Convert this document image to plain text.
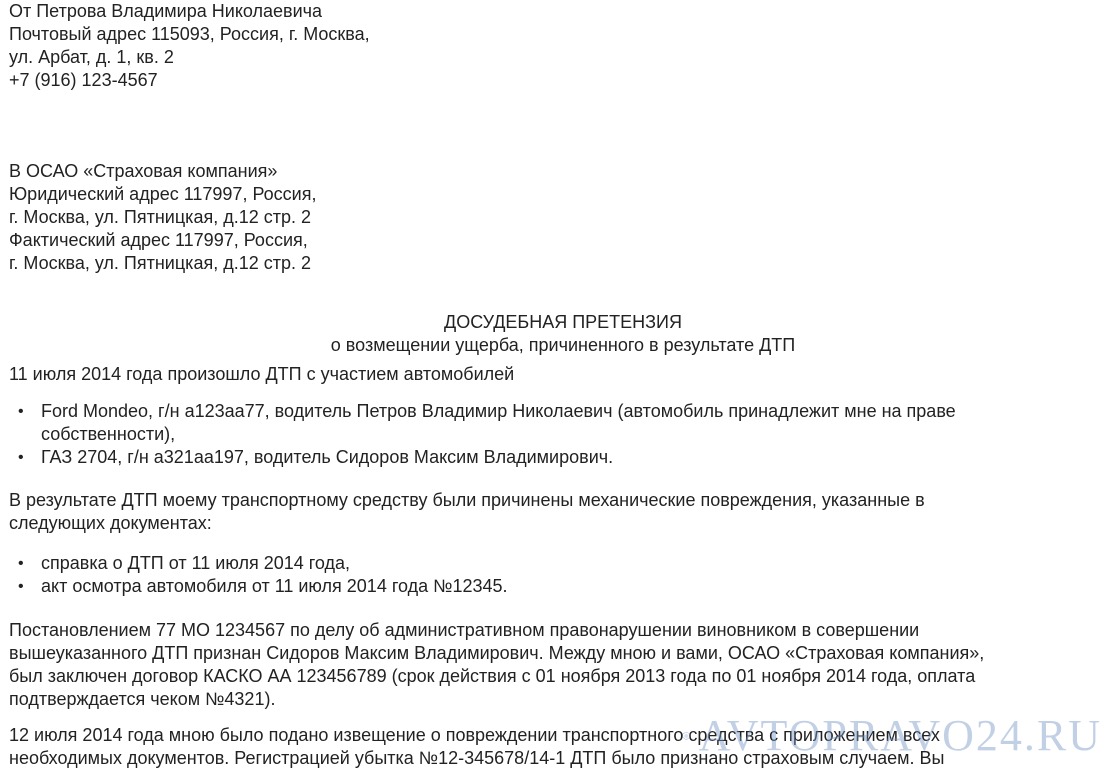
От Петрова Владимира Николаевича
Почтовый адрес 115093, Россия, г. Москва,
ул. Арбат, д. 1, кв. 2
+7 (916) 123-4567
В ОСАО «Страховая компания»
Юридический адрес 117997, Россия,
г. Москва, ул. Пятницкая, д.12 стр. 2
Фактический адрес 117997, Россия,
г. Москва, ул. Пятницкая, д.12 стр. 2
ДОСУДЕБНАЯ ПРЕТЕНЗИЯ
о возмещении ущерба, причиненного в результате ДТП

11 июля 2014 года произошло ДТП с участием автомобилей

• Ford Mondeo, г/н а123аа77, водитель Петров Владимир Николаевич (автомобиль принадлежит мне на праве собственности),
• ГАЗ 2704, г/н а321аа197, водитель Сидоров Максим Владимирович.

В результате ДТП моему транспортному средству были причинены механические повреждения, указанные в
следующих документах:

• справка о ДТП от 11 июля 2014 года,
• акт осмотра автомобиля от 11 июля 2014 года №12345.

Постановлением 77 МО 1234567 по делу об административном правонарушении виновником в совершении
вышеуказанного ДТП признан Сидоров Максим Владимирович. Между мною и вами, ОСАО «Страховая компания»,
был заключен договор КАСКО АА 123456789 (срок действия с 01 ноября 2013 года по 01 ноября 2014 года, оплата
подтверждается чеком №4321).

12 июля 2014 года мною было подано извещение о повреждении транспортного средства с приложением всех
необходимых документов. Регистрацией убытка №12-345678/14-1 ДТП было признано страховым случаем. Вы

AVTOPRAVO24.RU
